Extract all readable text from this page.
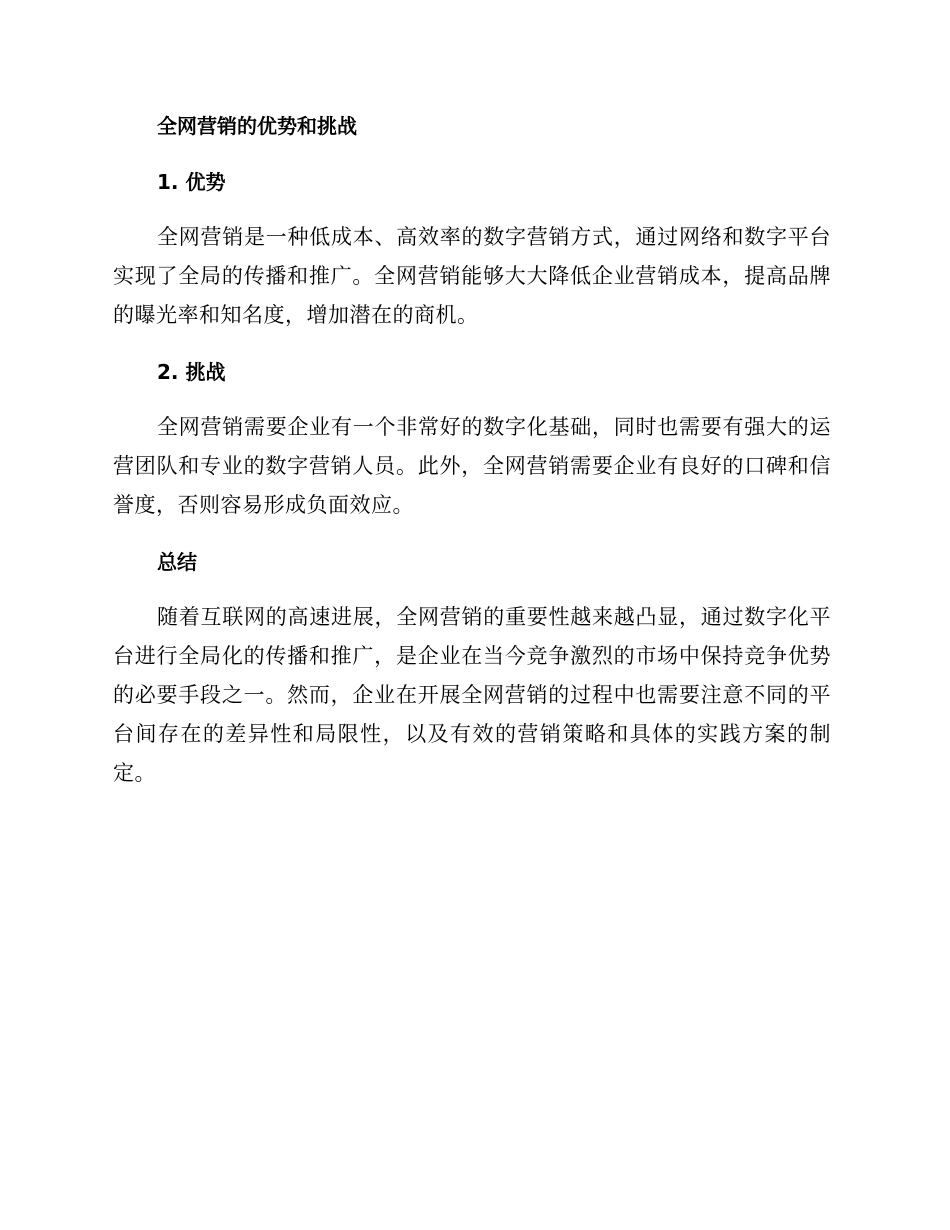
全网营销的优势和挑战
1. 优势

全网营销是一种低成本、高效率的数字营销方式，通过网络和数字平台实现了全局的传播和推广。全网营销能够大大降低企业营销成本，提高品牌的曝光率和知名度，增加潜在的商机。

2. 挑战

全网营销需要企业有一个非常好的数字化基础，同时也需要有强大的运营团队和专业的数字营销人员。此外，全网营销需要企业有良好的口碑和信誉度，否则容易形成负面效应。

总结

随着互联网的高速进展，全网营销的重要性越来越凸显，通过数字化平台进行全局化的传播和推广，是企业在当今竞争激烈的市场中保持竞争优势的必要手段之一。然而，企业在开展全网营销的过程中也需要注意不同的平台间存在的差异性和局限性，以及有效的营销策略和具体的实践方案的制定。
